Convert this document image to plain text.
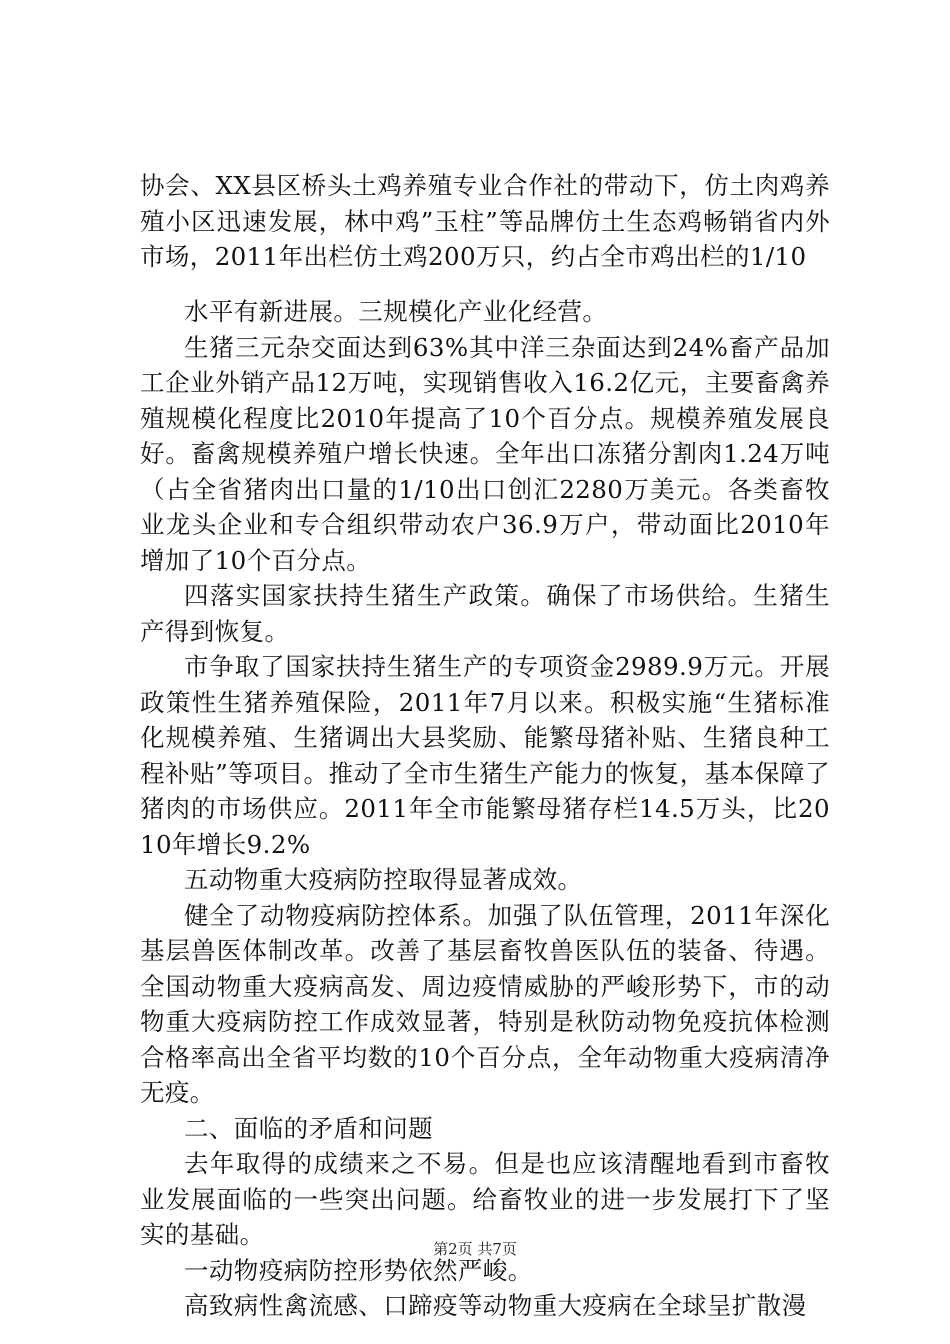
协会、XX县区桥头土鸡养殖专业合作社的带动下，仿土肉鸡养殖小区迅速发展，林中鸡”玉柱”等品牌仿土生态鸡畅销省内外市场，2011年出栏仿土鸡200万只，约占全市鸡出栏的1/10

水平有新进展。三规模化产业化经营。

生猪三元杂交面达到63%其中洋三杂面达到24%畜产品加工企业外销产品12万吨，实现销售收入16.2亿元，主要畜禽养殖规模化程度比2010年提高了10个百分点。规模养殖发展良好。畜禽规模养殖户增长快速。全年出口冻猪分割肉1.24万吨（占全省猪肉出口量的1/10出口创汇2280万美元。各类畜牧业龙头企业和专合组织带动农户36.9万户，带动面比2010年增加了10个百分点。

四落实国家扶持生猪生产政策。确保了市场供给。生猪生产得到恢复。

市争取了国家扶持生猪生产的专项资金2989.9万元。开展政策性生猪养殖保险，2011年7月以来。积极实施“生猪标准化规模养殖、生猪调出大县奖励、能繁母猪补贴、生猪良种工程补贴”等项目。推动了全市生猪生产能力的恢复，基本保障了猪肉的市场供应。2011年全市能繁母猪存栏14.5万头，比2010年增长9.2%

五动物重大疫病防控取得显著成效。

健全了动物疫病防控体系。加强了队伍管理，2011年深化基层兽医体制改革。改善了基层畜牧兽医队伍的装备、待遇。全国动物重大疫病高发、周边疫情威胁的严峻形势下，市的动物重大疫病防控工作成效显著，特别是秋防动物免疫抗体检测合格率高出全省平均数的10个百分点，全年动物重大疫病清净无疫。

二、面临的矛盾和问题

去年取得的成绩来之不易。但是也应该清醒地看到市畜牧业发展面临的一些突出问题。给畜牧业的进一步发展打下了坚实的基础。

一动物疫病防控形势依然严峻。

高致病性禽流感、口蹄疫等动物重大疫病在全球呈扩散漫

第2页 共7页
